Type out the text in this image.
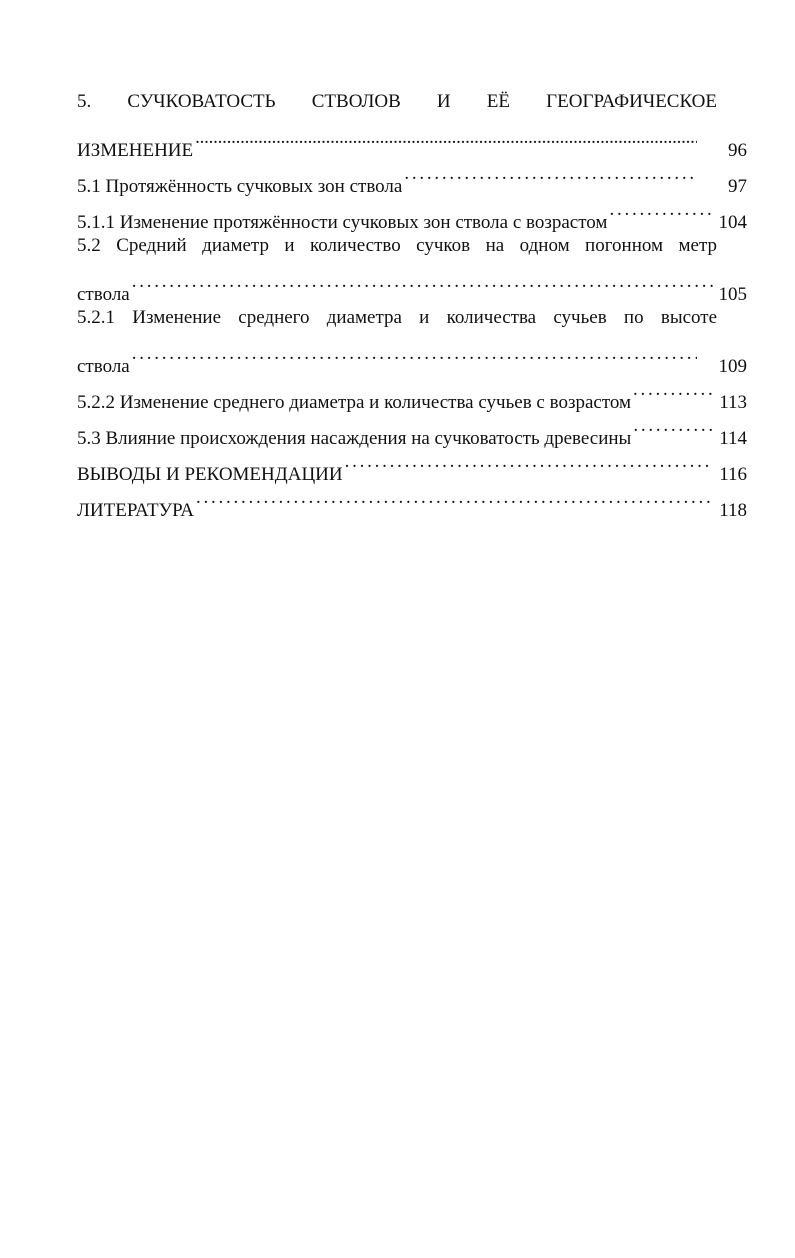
5. СУЧКОВАТОСТЬ СТВОЛОВ И ЕЁ ГЕОГРАФИЧЕСКОЕ
ИЗМЕНЕНИЕ . . .	96
5.1 Протяжённость сучковых зон ствола . . .	97
5.1.1 Изменение протяжённости сучковых зон ствола с возрастом . . .	104
5.2 Средний диаметр и количество сучков на одном погонном метр
ствола . . .	105
5.2.1 Изменение среднего диаметра и количества сучьев по высоте
ствола . . .	109
5.2.2 Изменение среднего диаметра и количества сучьев с возрастом . . .	113
5.3 Влияние происхождения насаждения на сучковатость древесины . . .	114
ВЫВОДЫ И РЕКОМЕНДАЦИИ . . .	116
ЛИТЕРАТУРА . . .	118
